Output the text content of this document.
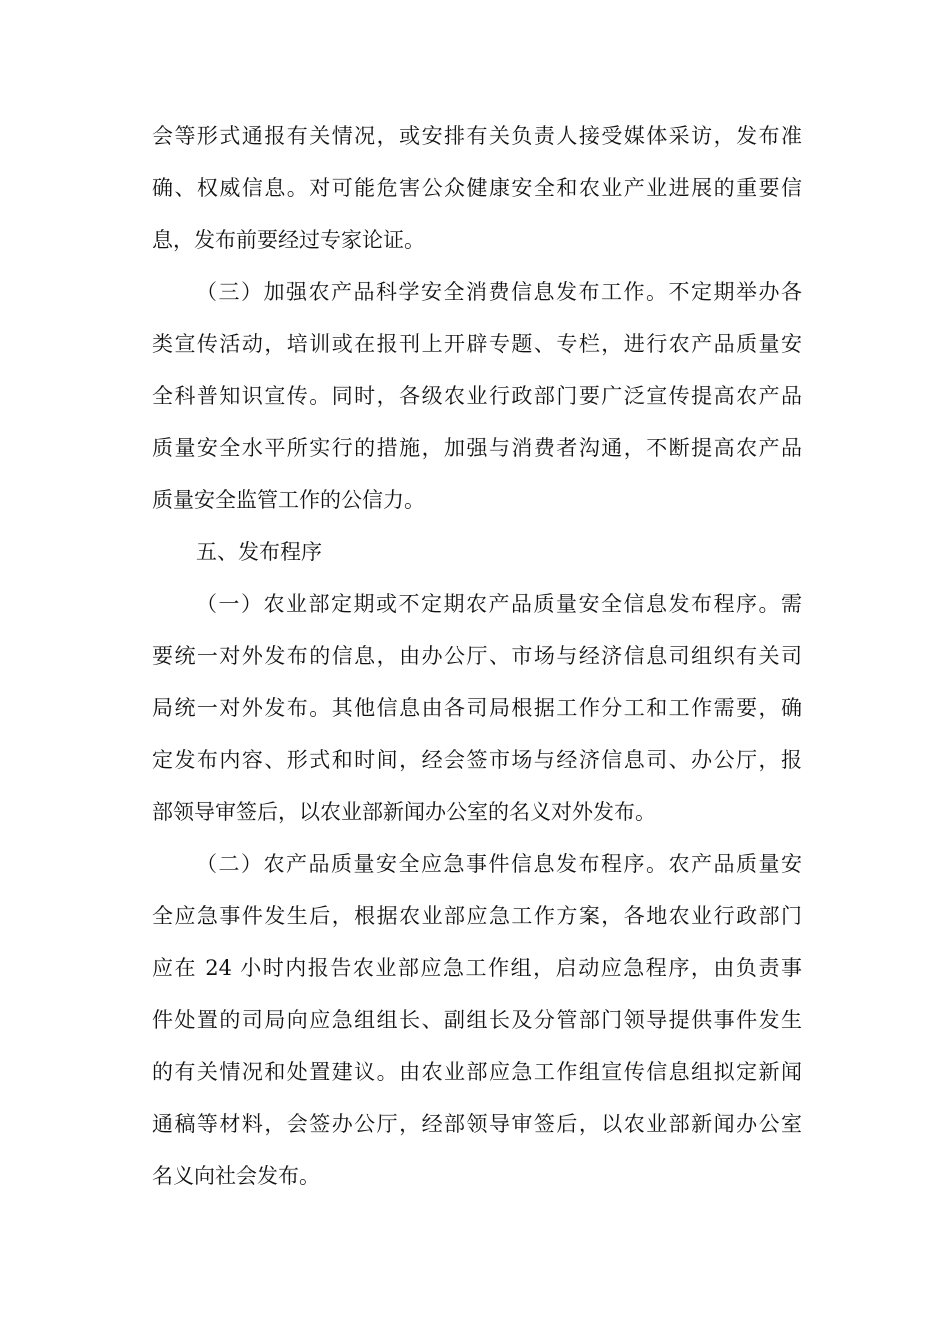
会等形式通报有关情况，或安排有关负责人接受媒体采访，发布准
确、权威信息。对可能危害公众健康安全和农业产业进展的重要信
息，发布前要经过专家论证。
（三）加强农产品科学安全消费信息发布工作。不定期举办各
类宣传活动，培训或在报刊上开辟专题、专栏，进行农产品质量安
全科普知识宣传。同时，各级农业行政部门要广泛宣传提高农产品
质量安全水平所实行的措施，加强与消费者沟通，不断提高农产品
质量安全监管工作的公信力。
五、发布程序
（一）农业部定期或不定期农产品质量安全信息发布程序。需
要统一对外发布的信息，由办公厅、市场与经济信息司组织有关司
局统一对外发布。其他信息由各司局根据工作分工和工作需要，确
定发布内容、形式和时间，经会签市场与经济信息司、办公厅，报
部领导审签后，以农业部新闻办公室的名义对外发布。
（二）农产品质量安全应急事件信息发布程序。农产品质量安
全应急事件发生后，根据农业部应急工作方案，各地农业行政部门
应在 24 小时内报告农业部应急工作组，启动应急程序，由负责事
件处置的司局向应急组组长、副组长及分管部门领导提供事件发生
的有关情况和处置建议。由农业部应急工作组宣传信息组拟定新闻
通稿等材料，会签办公厅，经部领导审签后，以农业部新闻办公室
名义向社会发布。
